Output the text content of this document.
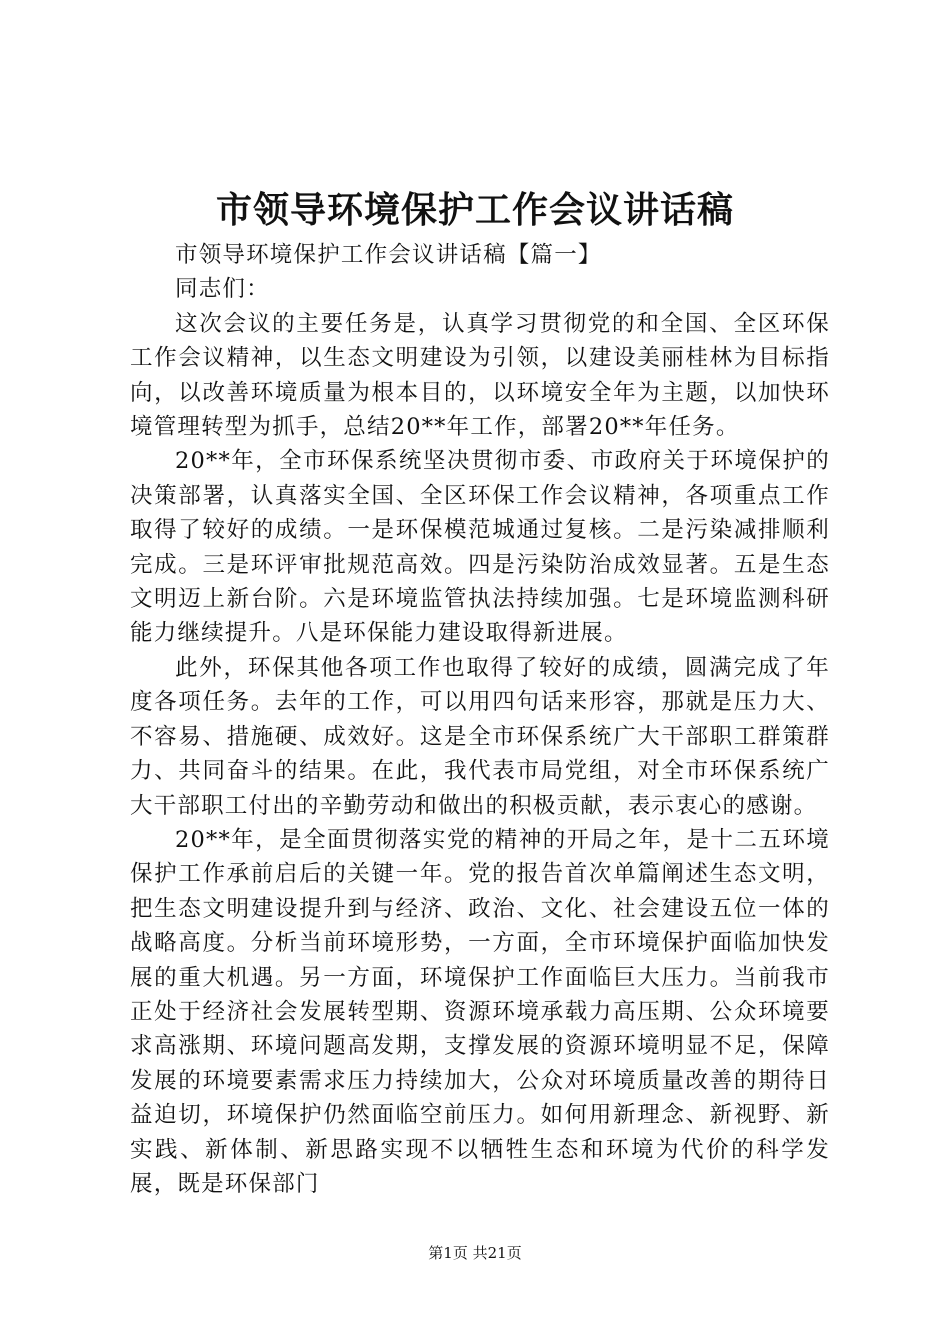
市领导环境保护工作会议讲话稿

市领导环境保护工作会议讲话稿【篇一】

同志们：

这次会议的主要任务是，认真学习贯彻党的和全国、全区环保工作会议精神，以生态文明建设为引领，以建设美丽桂林为目标指向，以改善环境质量为根本目的，以环境安全年为主题，以加快环境管理转型为抓手，总结20**年工作，部署20**年任务。

20**年，全市环保系统坚决贯彻市委、市政府关于环境保护的决策部署，认真落实全国、全区环保工作会议精神，各项重点工作取得了较好的成绩。一是环保模范城通过复核。二是污染减排顺利完成。三是环评审批规范高效。四是污染防治成效显著。五是生态文明迈上新台阶。六是环境监管执法持续加强。七是环境监测科研能力继续提升。八是环保能力建设取得新进展。

此外，环保其他各项工作也取得了较好的成绩，圆满完成了年度各项任务。去年的工作，可以用四句话来形容，那就是压力大、不容易、措施硬、成效好。这是全市环保系统广大干部职工群策群力、共同奋斗的结果。在此，我代表市局党组，对全市环保系统广大干部职工付出的辛勤劳动和做出的积极贡献，表示衷心的感谢。

20**年，是全面贯彻落实党的精神的开局之年，是十二五环境保护工作承前启后的关键一年。党的报告首次单篇阐述生态文明，把生态文明建设提升到与经济、政治、文化、社会建设五位一体的战略高度。分析当前环境形势，一方面，全市环境保护面临加快发展的重大机遇。另一方面，环境保护工作面临巨大压力。当前我市正处于经济社会发展转型期、资源环境承载力高压期、公众环境要求高涨期、环境问题高发期，支撑发展的资源环境明显不足，保障发展的环境要素需求压力持续加大，公众对环境质量改善的期待日益迫切，环境保护仍然面临空前压力。如何用新理念、新视野、新实践、新体制、新思路实现不以牺牲生态和环境为代价的科学发展，既是环保部门

第1页 共21页
